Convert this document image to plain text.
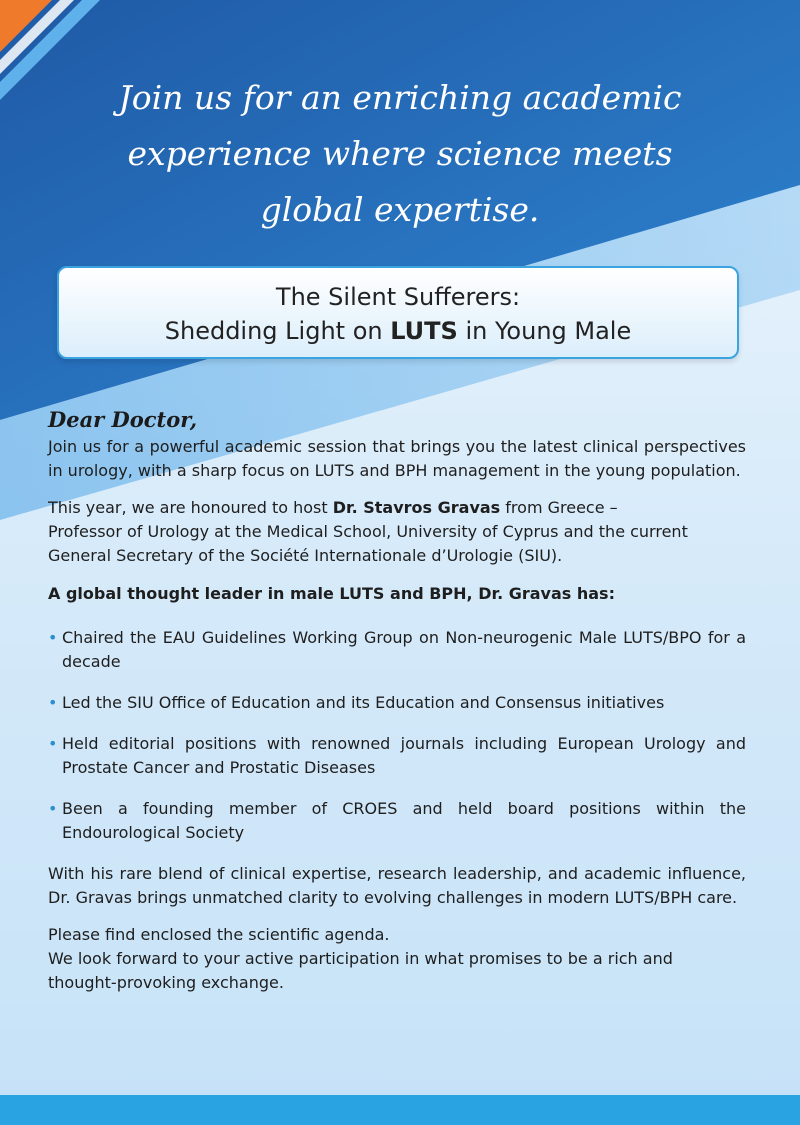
Join us for an enriching academic
experience where science meets
global expertise.
The Silent Sufferers:
Shedding Light on LUTS in Young Male

Dear Doctor,

Join us for a powerful academic session that brings you the latest clinical perspectives in urology, with a sharp focus on LUTS and BPH management in the young population.

This year, we are honoured to host Dr. Stavros Gravas from Greece –
Professor of Urology at the Medical School, University of Cyprus and the current General Secretary of the Société Internationale d’Urologie (SIU).

A global thought leader in male LUTS and BPH, Dr. Gravas has:

• Chaired the EAU Guidelines Working Group on Non-neurogenic Male LUTS/BPO for a decade

• Led the SIU Office of Education and its Education and Consensus initiatives

• Held editorial positions with renowned journals including European Urology and Prostate Cancer and Prostatic Diseases

• Been a founding member of CROES and held board positions within the Endourological Society

With his rare blend of clinical expertise, research leadership, and academic influence, Dr. Gravas brings unmatched clarity to evolving challenges in modern LUTS/BPH care.

Please find enclosed the scientific agenda.
We look forward to your active participation in what promises to be a rich and thought-provoking exchange.
